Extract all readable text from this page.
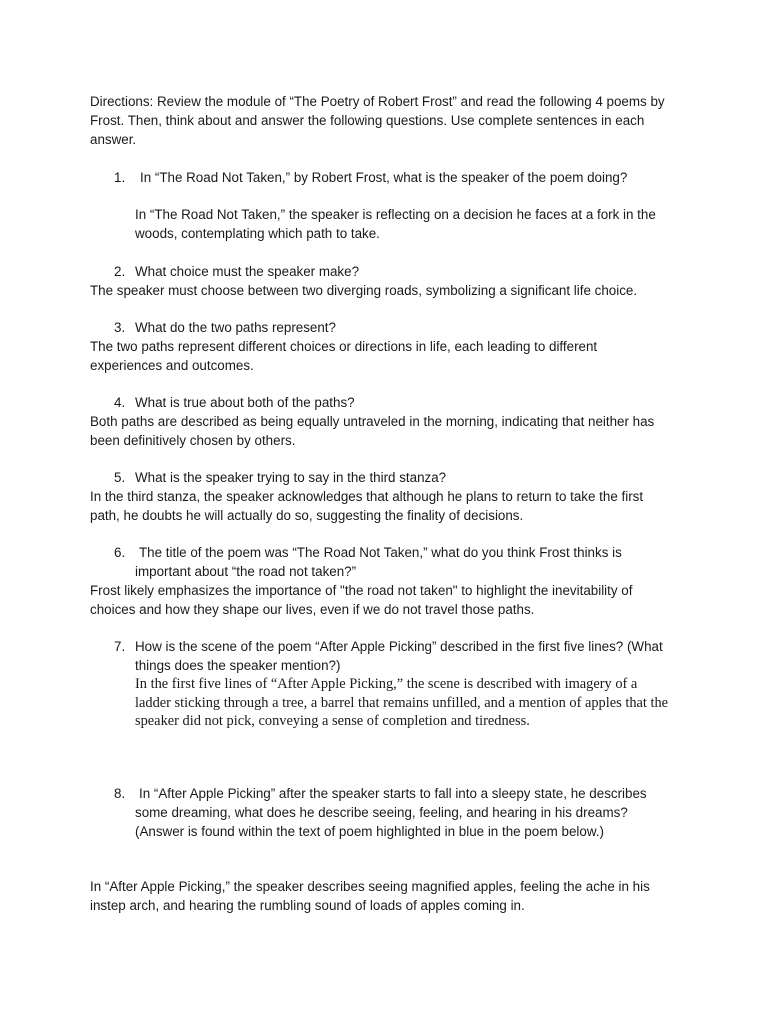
Directions: Review the module of “The Poetry of Robert Frost” and read the following 4 poems by Frost. Then, think about and answer the following questions. Use complete sentences in each answer.

1. In “The Road Not Taken,” by Robert Frost, what is the speaker of the poem doing?

In “The Road Not Taken,” the speaker is reflecting on a decision he faces at a fork in the woods, contemplating which path to take.

2. What choice must the speaker make?

The speaker must choose between two diverging roads, symbolizing a significant life choice.

3. What do the two paths represent?

The two paths represent different choices or directions in life, each leading to different experiences and outcomes.

4. What is true about both of the paths?

Both paths are described as being equally untraveled in the morning, indicating that neither has been definitively chosen by others.

5. What is the speaker trying to say in the third stanza?

In the third stanza, the speaker acknowledges that although he plans to return to take the first path, he doubts he will actually do so, suggesting the finality of decisions.

6. The title of the poem was “The Road Not Taken,” what do you think Frost thinks is important about “the road not taken?”

Frost likely emphasizes the importance of "the road not taken" to highlight the inevitability of choices and how they shape our lives, even if we do not travel those paths.

7. How is the scene of the poem “After Apple Picking” described in the first five lines? (What things does the speaker mention?)

In the first five lines of “After Apple Picking,” the scene is described with imagery of a ladder sticking through a tree, a barrel that remains unfilled, and a mention of apples that the speaker did not pick, conveying a sense of completion and tiredness.

8. In “After Apple Picking” after the speaker starts to fall into a sleepy state, he describes some dreaming, what does he describe seeing, feeling, and hearing in his dreams? (Answer is found within the text of poem highlighted in blue in the poem below.)

In “After Apple Picking,” the speaker describes seeing magnified apples, feeling the ache in his instep arch, and hearing the rumbling sound of loads of apples coming in.
